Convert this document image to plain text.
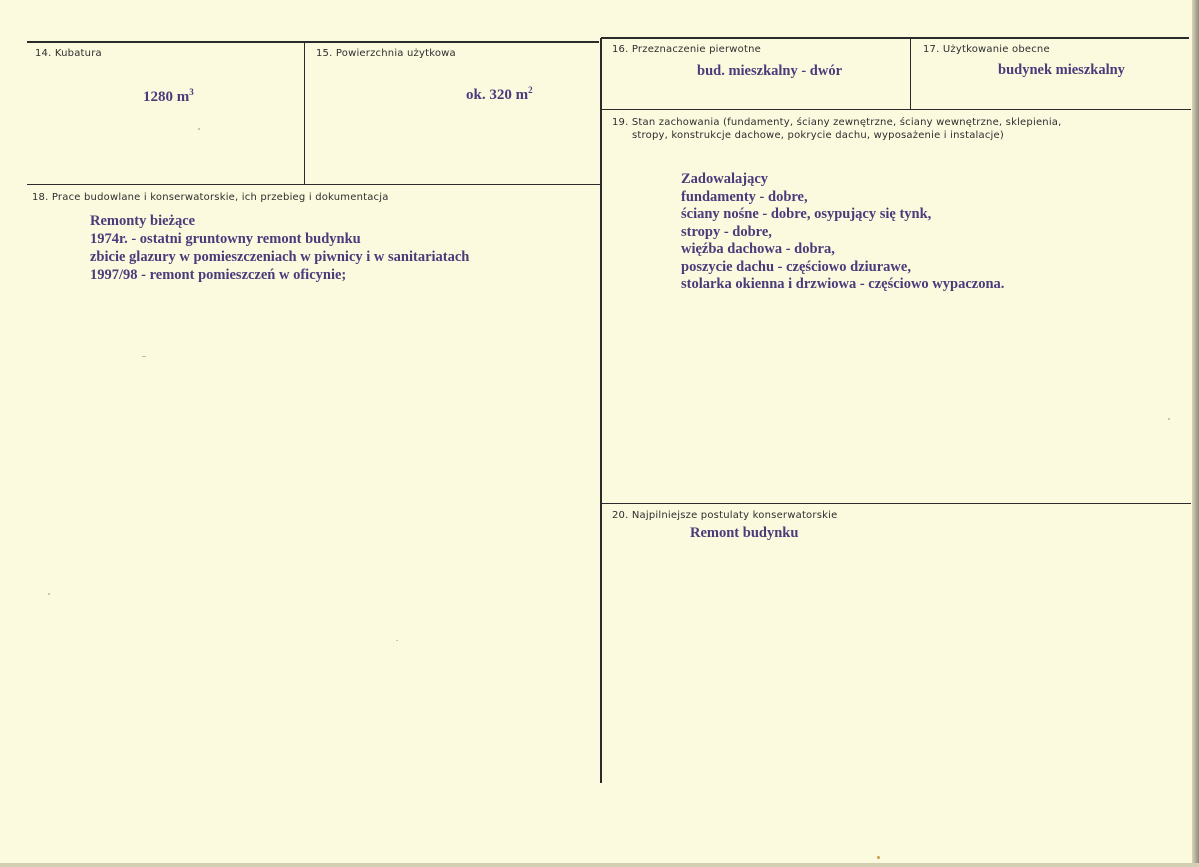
14. Kubatura
1280 $m^3$
15. Powierzchnia użytkowa
ok. 320 $m^2$
16. Przeznaczenie pierwotne
bud. mieszkalny - dwór
17. Użytkowanie obecne
budynek mieszkalny
19. Stan zachowania (fundamenty, ściany zewnętrzne, ściany wewnętrzne, sklepienia,
stropy, konstrukcje dachowe, pokrycie dachu, wyposażenie i instalacje)
Zadowalający
fundamenty - dobre,
ściany nośne - dobre, osypujący się tynk,
stropy - dobre,
więźba dachowa - dobra,
poszycie dachu - częściowo dziurawe,
stolarka okienna i drzwiowa - częściowo wypaczona.
18. Prace budowlane i konserwatorskie, ich przebieg i dokumentacja
Remonty bieżące
1974r. - ostatni gruntowny remont budynku
zbicie glazury w pomieszczeniach w piwnicy i w sanitariatach
1997/98 - remont pomieszczeń w oficynie;
20. Najpilniejsze postulaty konserwatorskie
Remont budynku
